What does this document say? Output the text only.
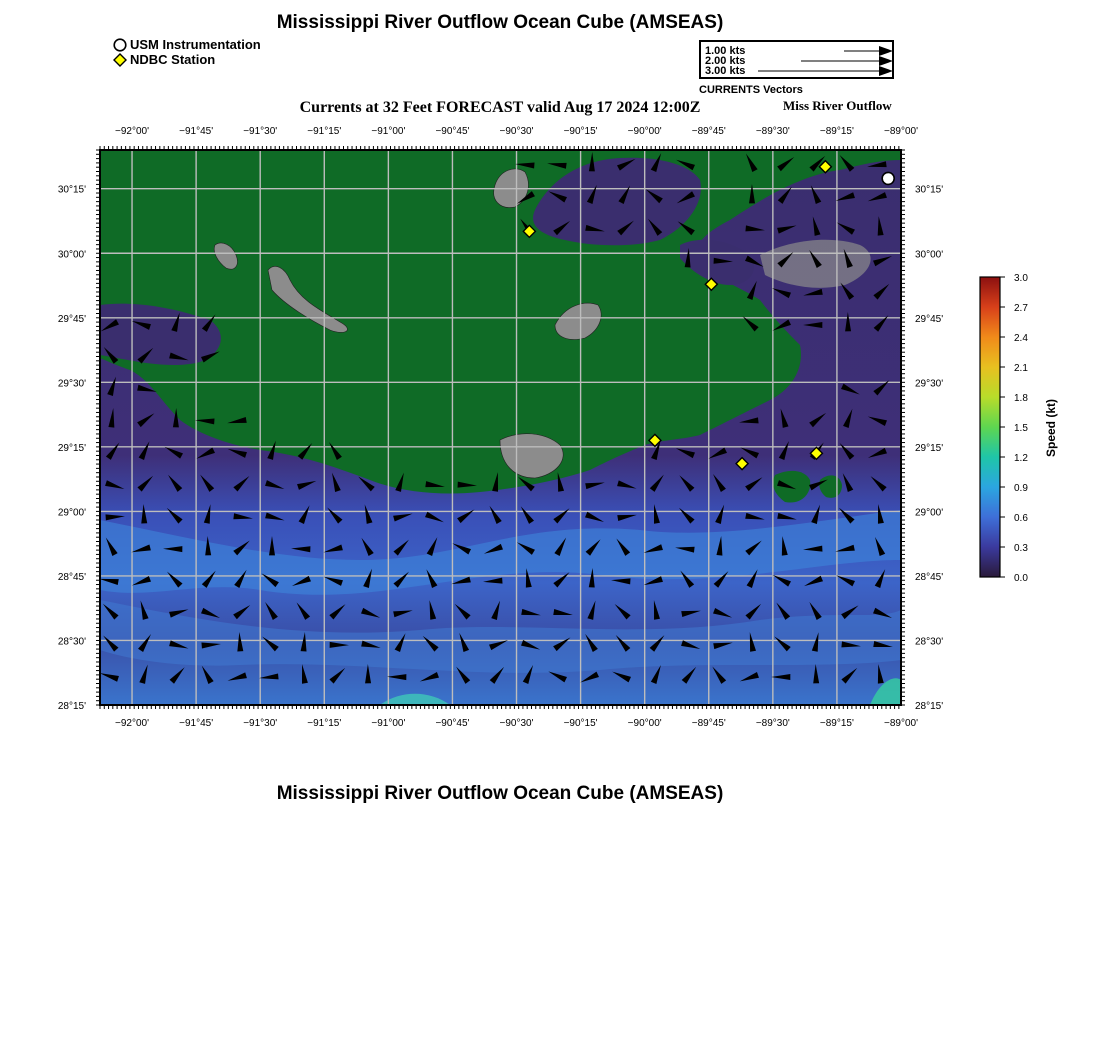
Mississippi River Outflow Ocean Cube (AMSEAS)
USM Instrumentation
NDBC Station
1.00 kts
2.00 kts
3.00 kts
CURRENTS Vectors
Currents at 32 Feet FORECAST valid Aug 17 2024 12:00Z	Miss River Outflow
−92°00'
−92°00'
−91°45'
−91°45'
−91°30'
−91°30'
−91°15'
−91°15'
−91°00'
−91°00'
−90°45'
−90°45'
−90°30'
−90°30'
−90°15'
−90°15'
−90°00'
−90°00'
−89°45'
−89°45'
−89°30'
−89°30'
−89°15'
−89°15'
−89°00'
−89°00'
30°15'	30°15'
30°00'	30°00'
29°45'	29°45'
29°30'	29°30'
29°15'	29°15'
29°00'	29°00'
28°45'	28°45'
28°30'	28°30'
28°15'	28°15'
3.0
2.7
2.4
2.1
1.8
1.5
1.2
0.9
0.6
0.3
0.0
Speed (kt)
Mississippi River Outflow Ocean Cube (AMSEAS)
